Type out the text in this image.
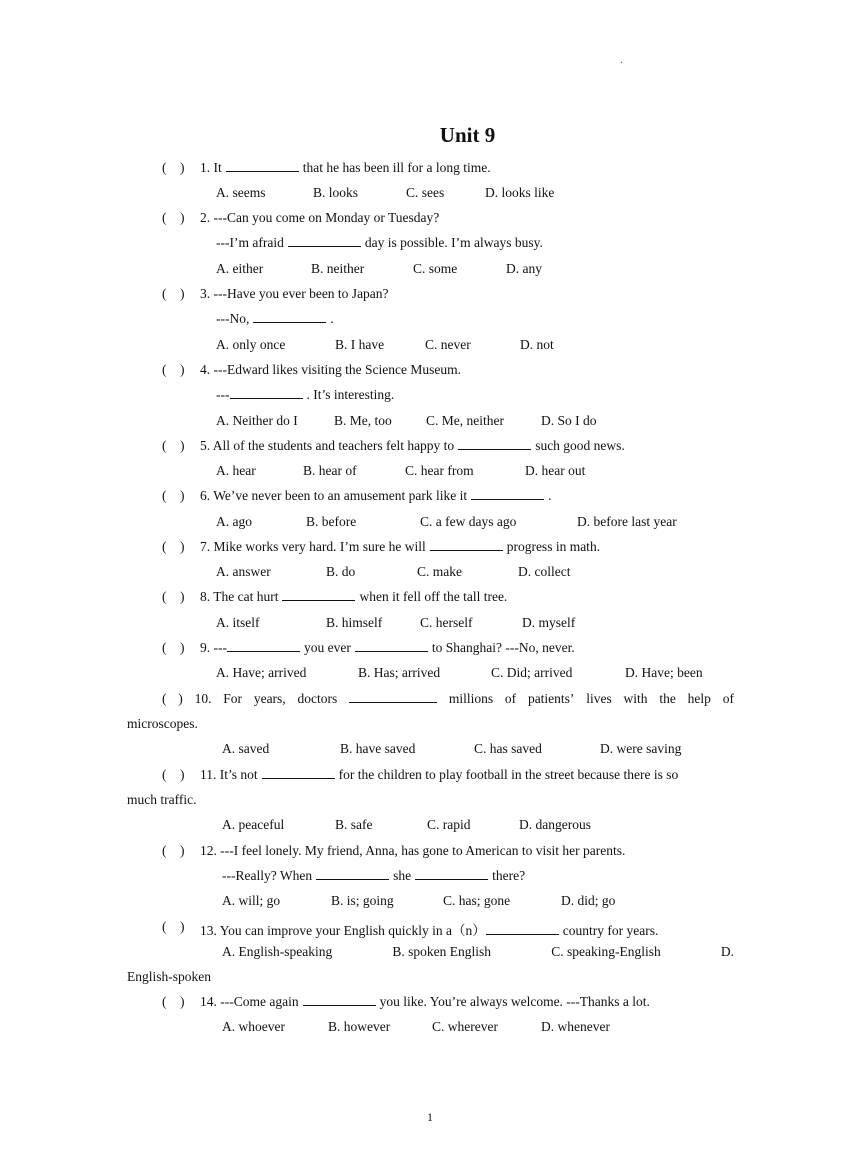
.
Unit 9
(    ) 1. It	that he has been ill for a long time.
A. seems	B. looks	C. sees	D. looks like
(    ) 2. ---Can you come on Monday or Tuesday?
---I’m afraid	day is possible. I’m always busy.
A. either	B. neither	C. some	D. any
(    ) 3. ---Have you ever been to Japan?
---No,	.
A. only once	B. I have	C. never	D. not
(    ) 4. ---Edward likes visiting the Science Museum.
---	. It’s interesting.
A. Neither do I	B. Me, too	C. Me, neither	D. So I do
(    ) 5. All of the students and teachers felt happy to	such good news.
A. hear	B. hear of	C. hear from	D. hear out
(    ) 6. We’ve never been to an amusement park like it	.
A. ago	B. before	C. a few days ago	D. before last year
(    ) 7. Mike works very hard. I’m sure he will	progress in math.
A. answer	B. do	C. make	D. collect
(    ) 8. The cat hurt	when it fell off the tall tree.
A. itself	B. himself	C. herself	D. myself
(    ) 9. ---	you ever	to Shanghai? ---No, never.
A. Have; arrived	B. Has; arrived	C. Did; arrived	D. Have; been
( ) 10. For years, doctors	millions of patients’ lives with the help of
microscopes.
A. saved	B. have saved	C. has saved	D. were saving
(    ) 11. It’s not	for the children to play football in the street because there is so
much traffic.
A. peaceful	B. safe	C. rapid	D. dangerous
(    ) 12. ---I feel lonely. My friend, Anna, has gone to American to visit her parents.
---Really? When	she	there?
A. will; go	B. is; going	C. has; gone	D. did; go
(    ) 13. You can improve your English quickly in a（n）	country for years.
A. English-speaking	B. spoken English	C. speaking-English	D.
English-spoken
(    ) 14. ---Come again	you like. You’re always welcome. ---Thanks a lot.
A. whoever	B. however	C. wherever	D. whenever
1
